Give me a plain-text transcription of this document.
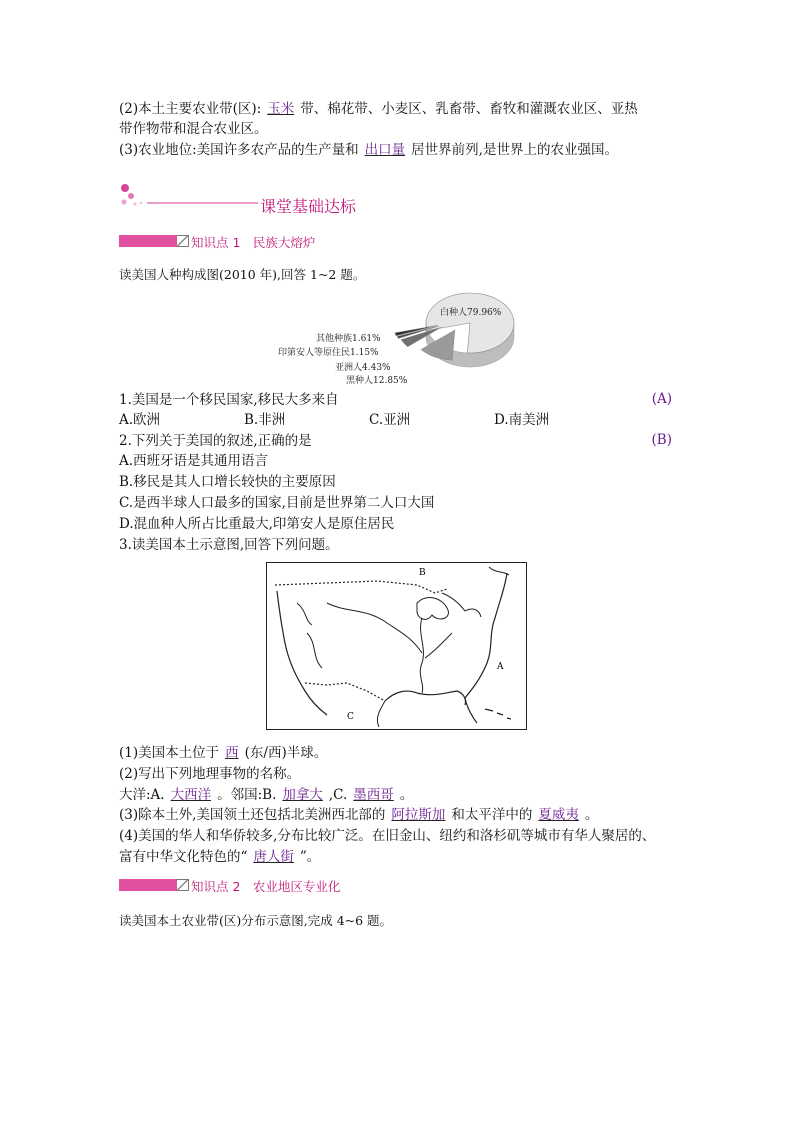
(2)本土主要农业带(区): 玉米 带、棉花带、小麦区、乳畜带、畜牧和灌溉农业区、亚热
带作物带和混合农业区。
(3)农业地位:美国许多农产品的生产量和 出口量 居世界前列,是世界上的农业强国。
课堂基础达标
知识点 1　民族大熔炉
读美国人种构成图(2010 年),回答 1~2 题。
白种人79.96%
其他种族1.61%
印第安人等原住民1.15%
亚洲人4.43%
黑种人12.85%
1.美国是一个移民国家,移民大多来自	(A)
A.欧洲	B.非洲	C.亚洲	D.南美洲
2.下列关于美国的叙述,正确的是	(B)
A.西班牙语是其通用语言
B.移民是其人口增长较快的主要原因
C.是西半球人口最多的国家,目前是世界第二人口大国
D.混血种人所占比重最大,印第安人是原住居民
3.读美国本土示意图,回答下列问题。
B
A
C
(1)美国本土位于 西 (东/西)半球。
(2)写出下列地理事物的名称。
大洋:A. 大西洋 。邻国:B. 加拿大 ,C. 墨西哥 。
(3)除本土外,美国领土还包括北美洲西北部的 阿拉斯加 和太平洋中的 夏威夷 。
(4)美国的华人和华侨较多,分布比较广泛。在旧金山、纽约和洛杉矶等城市有华人聚居的、
富有中华文化特色的“ 唐人街 ”。
知识点 2　农业地区专业化
读美国本土农业带(区)分布示意图,完成 4~6 题。
